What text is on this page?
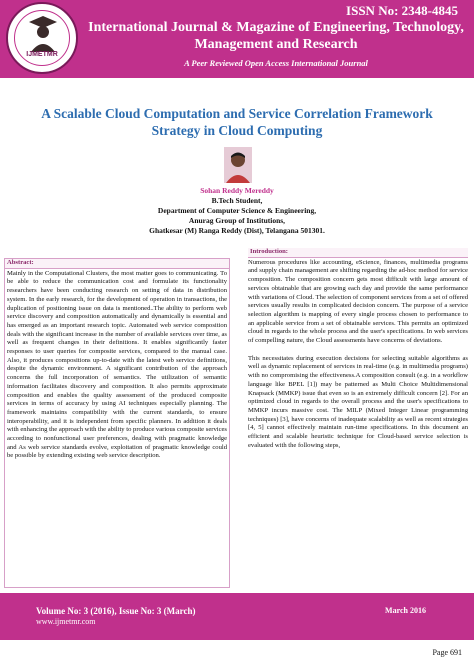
IJMETMR
ISSN No: 2348-4845
International Journal & Magazine of Engineering, Technology, Management and Research
A Peer Reviewed Open Access International Journal
A Scalable Cloud Computation and Service Correlation Framework Strategy in Cloud Computing
Sohan Reddy Mereddy
B.Tech Student,
Department of Computer Science & Engineering,
Anurag Group of Institutions,
Ghatkesar (M) Ranga Reddy (Dist), Telangana 501301.
Abstract:

Mainly in the Computational Clusters, the most matter goes to communicating. To be able to reduce the communication cost and formulate its functionality researchers have been conducting research on setting of data in distribution system. In the early research, for the development of operation in transactions, the duplication of positioning issue on data is mentioned..The ability to perform web service discovery and composition automatically and dynamically is essential and has emerged as an important research topic. Automated web service composition deals with the significant increase in the number of available services over time, as well as frequent changes in their definitions. It enables significantly faster responses to user queries for composite services, compared to the manual case. Also, it produces compositions up-to-date with the latest web service definitions, despite the dynamic environment. A significant contribution of the approach concerns the full incorporation of semantics. The utilization of semantic information facilitates discovery and composition. It also permits approximate composition and enables the quality assessment of the produced composite services in terms of accuracy by using AI techniques especially planning. The framework maintains compatibility with the current standards, to ensure interoperability, and it is independent from specific planners. In addition it deals with enhancing the approach with the ability to produce various composite services according to nonfunctional user preferences, dealing with pragmatic knowledge and As web service standards evolve, exploitation of pragmatic knowledge could be possible by extending existing web service description.

Introduction:

Numerous procedures like accounting, eScience, finances, multimedia programs and supply chain management are shifting regarding the ad-hoc method for service composition. The composition concern gets most difficult with large amount of services obtainable that are growing each day and provide the same performance with variations of Cloud. The selection of component services from a set of offered services usually results in complicated decision concern. The purpose of a service selection algorithm is mapping of every single process chosen to performance to an applicable service from a set of obtainable services. This permits an optimized cloud in regards to the whole process and the user's specifications. In web services of compelling nature, the Cloud assessments have concerns of deviations.

This necessitates during execution decisions for selecting suitable algorithms as well as dynamic replacement of services in real-time (e.g. in multimedia programs) with no compromising the effectiveness.A composition consult (e.g. in a workflow language like BPEL [1]) may be patterned as Multi Choice Multidimensional Knapsack (MMKP) issue that even so is an extremely difficult concern [2]. For an optimized cloud in regards to the overall process and the user's specifications to MMKP incurs massive cost. The MILP (Mixed Integer Linear programming techniques) [3], have concerns of inadequate scalability as well as recent strategies [4, 5] cannot effectively maintain run-time specifications. In this document an efficient and scalable heuristic technique for Cloud-based service selection is evaluated with the following steps,

Volume No: 3 (2016), Issue No: 3 (March)
www.ijmetmr.com
March 2016
Page 691
